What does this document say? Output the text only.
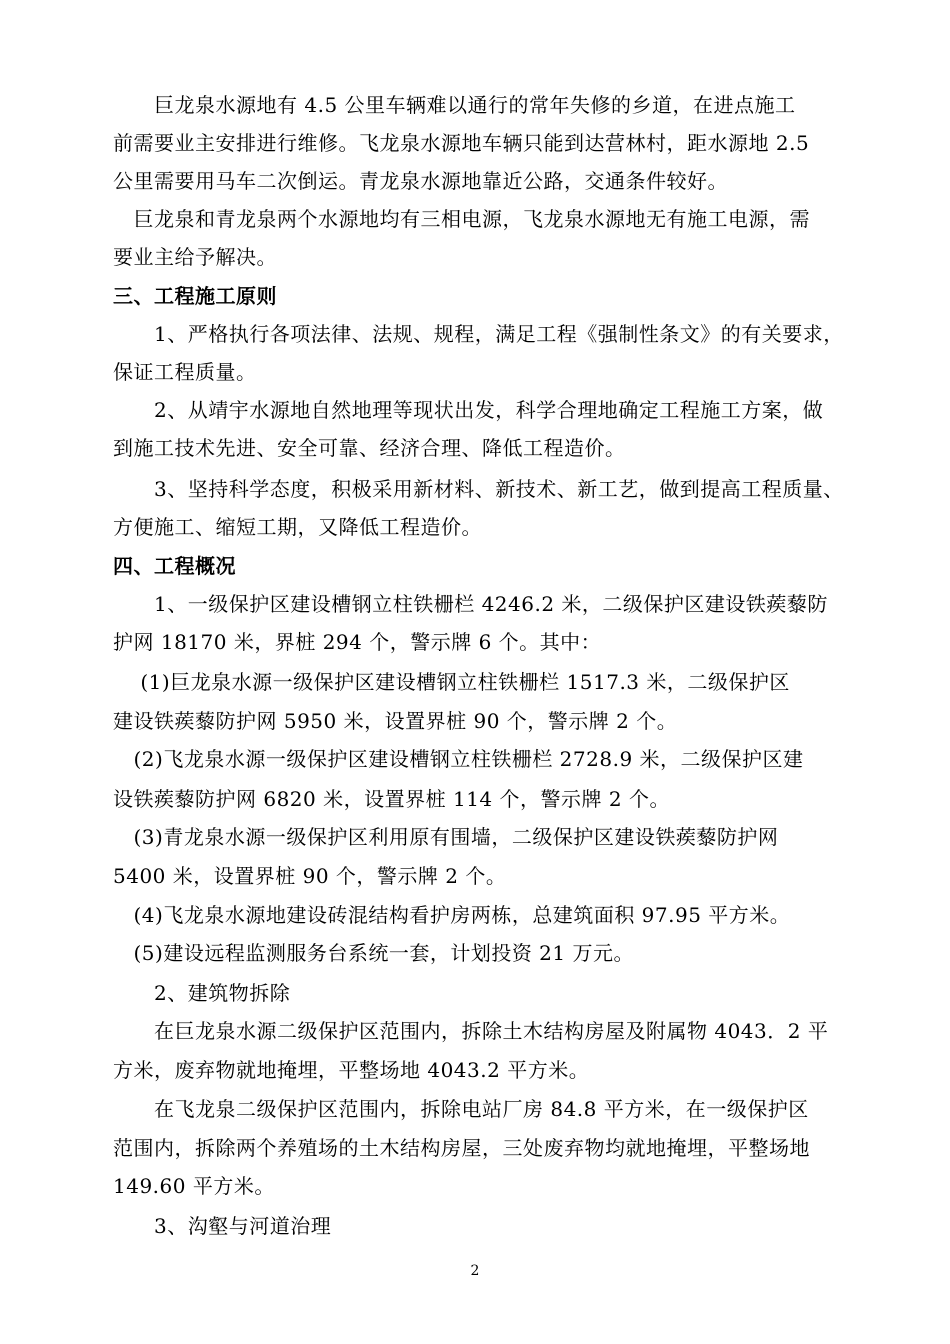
　　巨龙泉水源地有 4.5 公里车辆难以通行的常年失修的乡道，在进点施工
前需要业主安排进行维修。飞龙泉水源地车辆只能到达营林村，距水源地 2.5
公里需要用马车二次倒运。青龙泉水源地靠近公路，交通条件较好。
　巨龙泉和青龙泉两个水源地均有三相电源，飞龙泉水源地无有施工电源，需
要业主给予解决。
三、工程施工原则
　　1、严格执行各项法律、法规、规程，满足工程《强制性条文》的有关要求，
保证工程质量。
　　2、从靖宇水源地自然地理等现状出发，科学合理地确定工程施工方案，做
到施工技术先进、安全可靠、经济合理、降低工程造价。
　　3、坚持科学态度，积极采用新材料、新技术、新工艺，做到提高工程质量、
方便施工、缩短工期，又降低工程造价。
四、工程概况
　　1、一级保护区建设槽钢立柱铁栅栏 4246.2 米，二级保护区建设铁蒺藜防
护网 18170 米，界桩 294 个，警示牌 6 个。其中：
　 (1)巨龙泉水源一级保护区建设槽钢立柱铁栅栏 1517.3 米，二级保护区
建设铁蒺藜防护网 5950 米，设置界桩 90 个，警示牌 2 个。
　(2)飞龙泉水源一级保护区建设槽钢立柱铁栅栏 2728.9 米，二级保护区建
设铁蒺藜防护网 6820 米，设置界桩 114 个，警示牌 2 个。
　(3)青龙泉水源一级保护区利用原有围墙，二级保护区建设铁蒺藜防护网
5400 米，设置界桩 90 个，警示牌 2 个。
　(4)飞龙泉水源地建设砖混结构看护房两栋，总建筑面积 97.95 平方米。
　(5)建设远程监测服务台系统一套，计划投资 21 万元。
　　2、建筑物拆除
　　在巨龙泉水源二级保护区范围内，拆除土木结构房屋及附属物 4043．2 平
方米，废弃物就地掩埋，平整场地 4043.2 平方米。
　　在飞龙泉二级保护区范围内，拆除电站厂房 84.8 平方米，在一级保护区
范围内，拆除两个养殖场的土木结构房屋，三处废弃物均就地掩埋，平整场地
149.60 平方米。
　　3、沟壑与河道治理
2
